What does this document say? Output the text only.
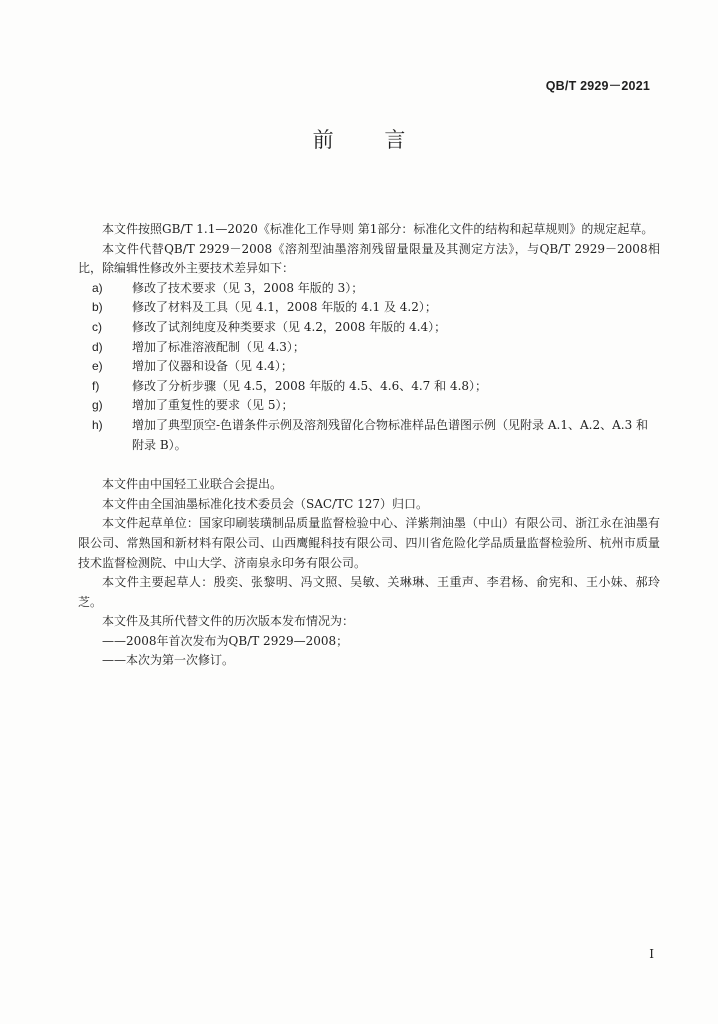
QB/T 2929－2021
前 言

本文件按照GB/T 1.1—2020《标准化工作导则 第1部分：标准化文件的结构和起草规则》的规定起草。

本文件代替QB/T 2929－2008《溶剂型油墨溶剂残留量限量及其测定方法》，与QB/T 2929－2008相比，除编辑性修改外主要技术差异如下：

a)	修改了技术要求（见 3，2008 年版的 3）；
b)	修改了材料及工具（见 4.1，2008 年版的 4.1 及 4.2）；
c)	修改了试剂纯度及种类要求（见 4.2，2008 年版的 4.4）；
d)	增加了标准溶液配制（见 4.3）；
e)	增加了仪器和设备（见 4.4）；
f)	修改了分析步骤（见 4.5，2008 年版的 4.5、4.6、4.7 和 4.8）；
g)	增加了重复性的要求（见 5）；
h)	增加了典型顶空-色谱条件示例及溶剂残留化合物标准样品色谱图示例（见附录 A.1、A.2、A.3 和附录 B）。

本文件由中国轻工业联合会提出。

本文件由全国油墨标准化技术委员会（SAC/TC 127）归口。

本文件起草单位：国家印刷装璜制品质量监督检验中心、洋紫荆油墨（中山）有限公司、浙江永在油墨有限公司、常熟国和新材料有限公司、山西鹰鲲科技有限公司、四川省危险化学品质量监督检验所、杭州市质量技术监督检测院、中山大学、济南泉永印务有限公司。

本文件主要起草人：殷奕、张黎明、冯文照、吴敏、关琳琳、王重声、李君杨、俞宪和、王小妹、郝玲芝。

本文件及其所代替文件的历次版本发布情况为：

——2008年首次发布为QB/T 2929—2008；

——本次为第一次修订。

I
